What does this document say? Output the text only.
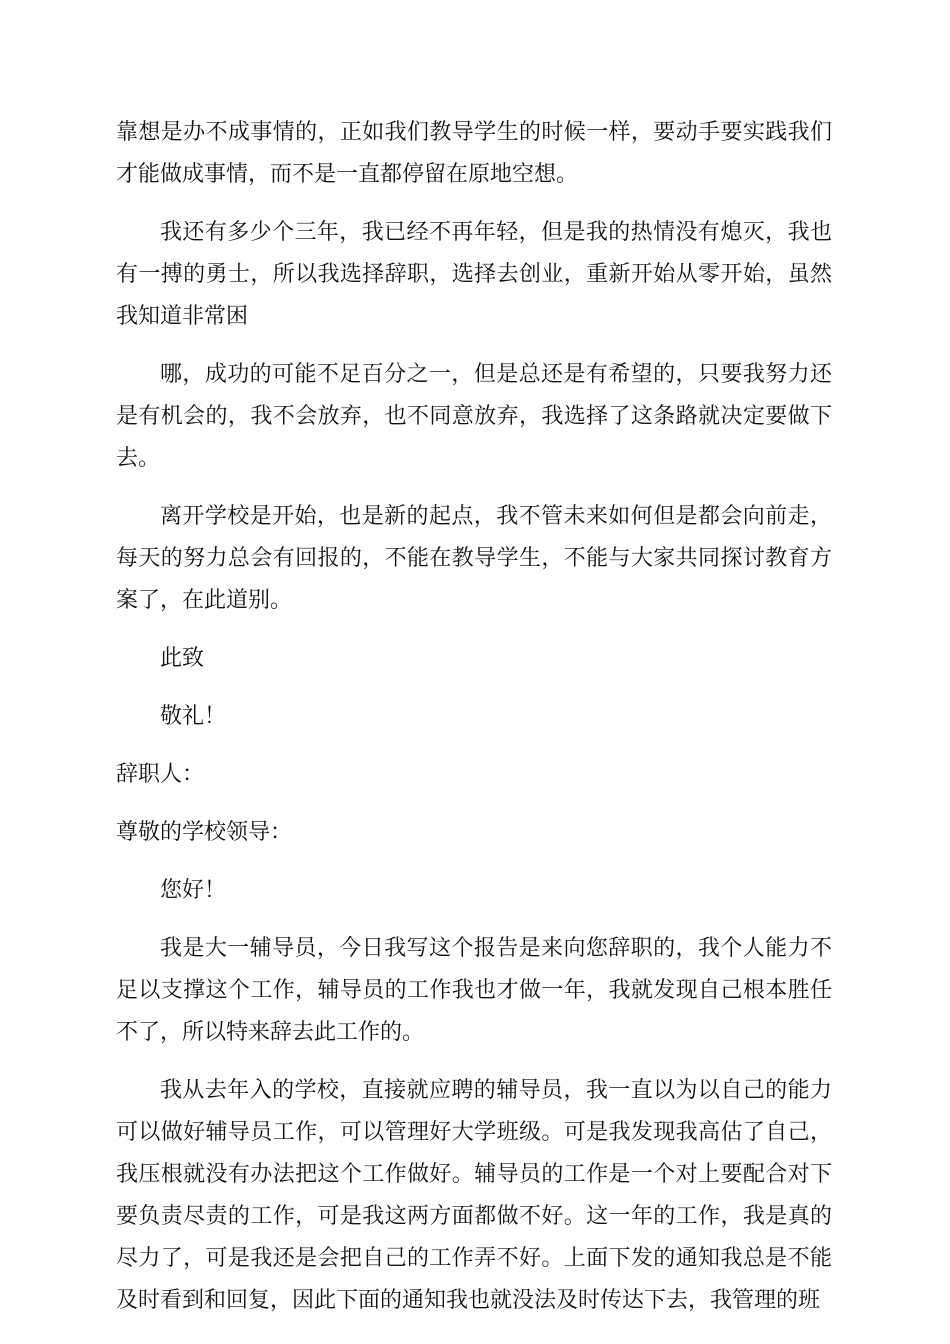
靠想是办不成事情的，正如我们教导学生的时候一样，要动手要实践我们
才能做成事情，而不是一直都停留在原地空想。
我还有多少个三年，我已经不再年轻，但是我的热情没有熄灭，我也
有一搏的勇士，所以我选择辞职，选择去创业，重新开始从零开始，虽然
我知道非常困
哪，成功的可能不足百分之一，但是总还是有希望的，只要我努力还
是有机会的，我不会放弃，也不同意放弃，我选择了这条路就决定要做下
去。
离开学校是开始，也是新的起点，我不管未来如何但是都会向前走，
每天的努力总会有回报的，不能在教导学生，不能与大家共同探讨教育方
案了，在此道别。
此致
敬礼！
辞职人：
尊敬的学校领导：
您好！
我是大一辅导员，今日我写这个报告是来向您辞职的，我个人能力不
足以支撑这个工作，辅导员的工作我也才做一年，我就发现自己根本胜任
不了，所以特来辞去此工作的。
我从去年入的学校，直接就应聘的辅导员，我一直以为以自己的能力
可以做好辅导员工作，可以管理好大学班级。可是我发现我高估了自己，
我压根就没有办法把这个工作做好。辅导员的工作是一个对上要配合对下
要负责尽责的工作，可是我这两方面都做不好。这一年的工作，我是真的
尽力了，可是我还是会把自己的工作弄不好。上面下发的通知我总是不能
及时看到和回复，因此下面的通知我也就没法及时传达下去，我管理的班
